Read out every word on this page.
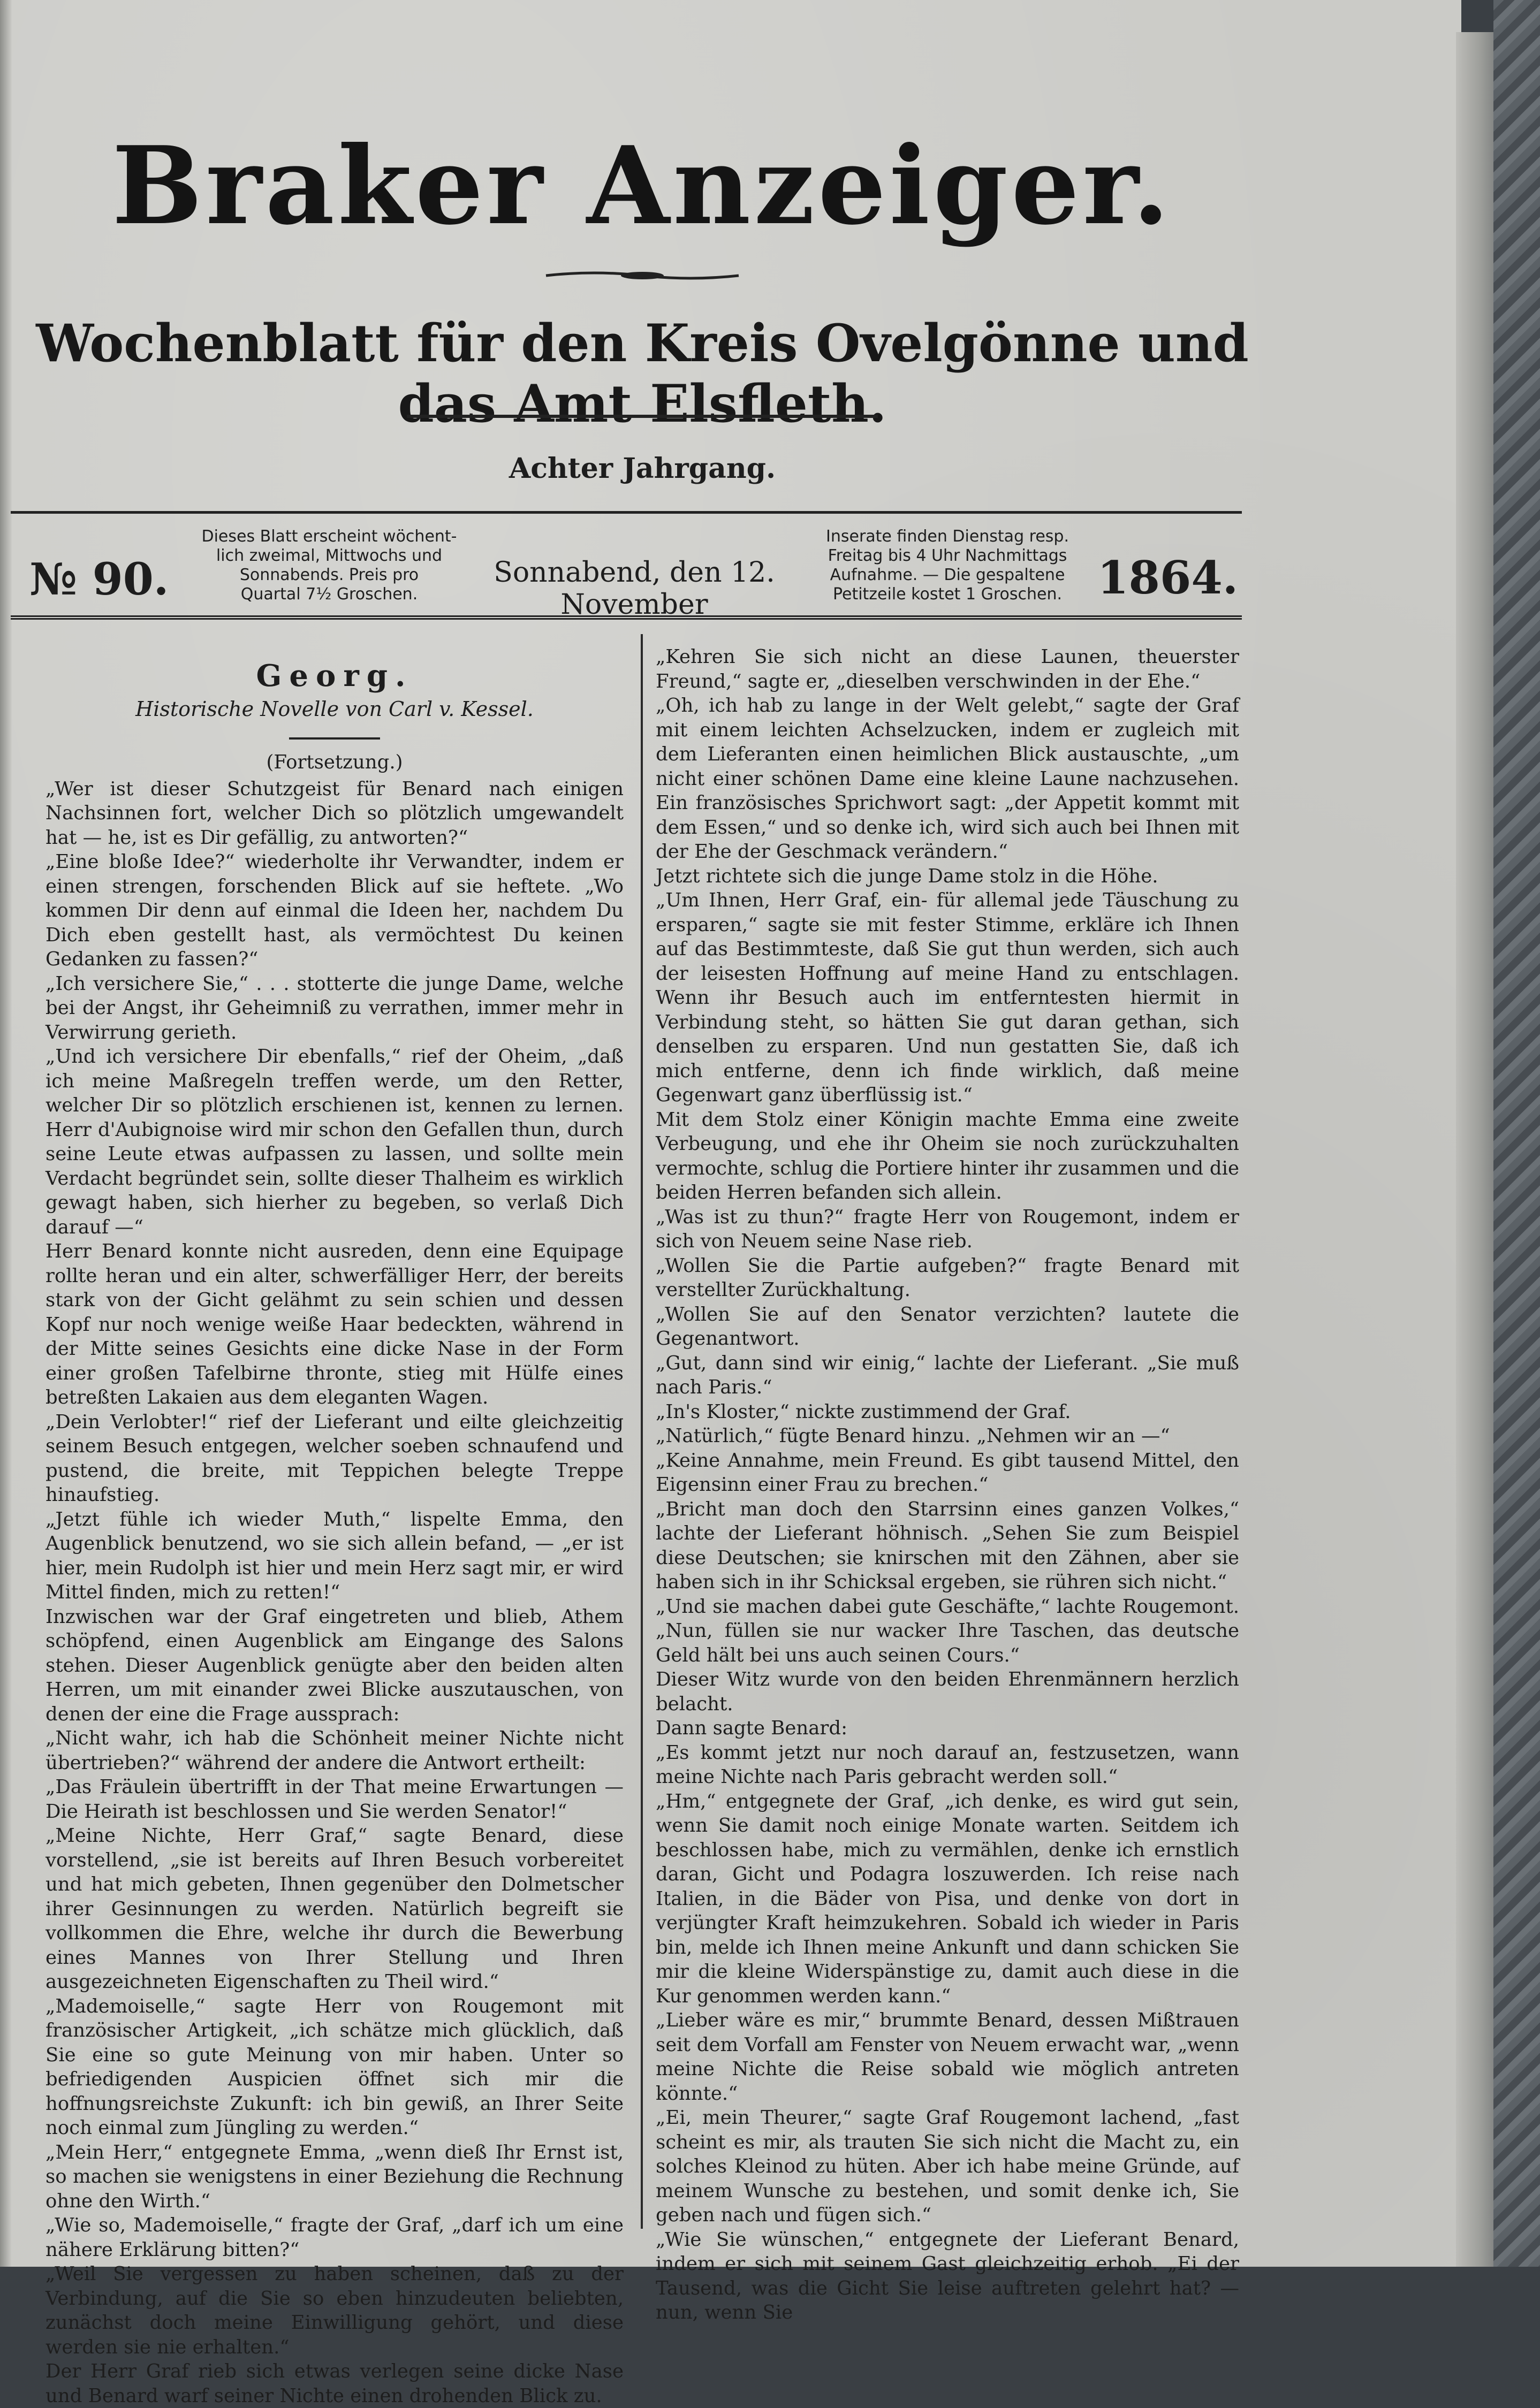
Braker Anzeiger.
Wochenblatt für den Kreis Ovelgönne und das Amt Elsfleth.
Achter Jahrgang.
№ 90.
Dieses Blatt erscheint wöchent-
lich zweimal, Mittwochs und
Sonnabends. Preis pro
Quartal 7½ Groschen.
Sonnabend, den 12. November
Inserate finden Dienstag resp.
Freitag bis 4 Uhr Nachmittags
Aufnahme. — Die gespaltene
Petitzeile kostet 1 Groschen. 1864.
Georg.
Historische Novelle von Carl v. Kessel.
(Fortsetzung.)

„Wer ist dieser Schutzgeist für Benard nach einigen Nachsinnen fort, welcher Dich so plötzlich umgewandelt hat — he, ist es Dir gefällig, zu antworten?“

„Eine bloße Idee?“ wiederholte ihr Verwandter, indem er einen strengen, forschenden Blick auf sie heftete. „Wo kommen Dir denn auf einmal die Ideen her, nachdem Du Dich eben gestellt hast, als vermöchtest Du keinen Gedanken zu fassen?“

„Ich versichere Sie,“ . . . stotterte die junge Dame, welche bei der Angst, ihr Geheimniß zu verrathen, immer mehr in Verwirrung gerieth.

„Und ich versichere Dir ebenfalls,“ rief der Oheim, „daß ich meine Maßregeln treffen werde, um den Retter, welcher Dir so plötzlich erschienen ist, kennen zu lernen. Herr d'Aubignoise wird mir schon den Gefallen thun, durch seine Leute etwas aufpassen zu lassen, und sollte mein Verdacht begründet sein, sollte dieser Thalheim es wirklich gewagt haben, sich hierher zu begeben, so verlaß Dich darauf —“

Herr Benard konnte nicht ausreden, denn eine Equipage rollte heran und ein alter, schwerfälliger Herr, der bereits stark von der Gicht gelähmt zu sein schien und dessen Kopf nur noch wenige weiße Haar bedeckten, während in der Mitte seines Gesichts eine dicke Nase in der Form einer großen Tafelbirne thronte, stieg mit Hülfe eines betreßten Lakaien aus dem eleganten Wagen.

„Dein Verlobter!“ rief der Lieferant und eilte gleichzeitig seinem Besuch entgegen, welcher soeben schnaufend und pustend, die breite, mit Teppichen belegte Treppe hinaufstieg.

„Jetzt fühle ich wieder Muth,“ lispelte Emma, den Augenblick benutzend, wo sie sich allein befand, — „er ist hier, mein Rudolph ist hier und mein Herz sagt mir, er wird Mittel finden, mich zu retten!“

Inzwischen war der Graf eingetreten und blieb, Athem schöpfend, einen Augenblick am Eingange des Salons stehen. Dieser Augenblick genügte aber den beiden alten Herren, um mit einander zwei Blicke auszutauschen, von denen der eine die Frage aussprach:

„Nicht wahr, ich hab die Schönheit meiner Nichte nicht übertrieben?“ während der andere die Antwort ertheilt:

„Das Fräulein übertrifft in der That meine Erwartungen — Die Heirath ist beschlossen und Sie werden Senator!“

„Meine Nichte, Herr Graf,“ sagte Benard, diese vorstellend, „sie ist bereits auf Ihren Besuch vorbereitet und hat mich gebeten, Ihnen gegenüber den Dolmetscher ihrer Gesinnungen zu werden. Natürlich begreift sie vollkommen die Ehre, welche ihr durch die Bewerbung eines Mannes von Ihrer Stellung und Ihren ausgezeichneten Eigenschaften zu Theil wird.“

„Mademoiselle,“ sagte Herr von Rougemont mit französischer Artigkeit, „ich schätze mich glücklich, daß Sie eine so gute Meinung von mir haben. Unter so befriedigenden Auspicien öffnet sich mir die hoffnungsreichste Zukunft: ich bin gewiß, an Ihrer Seite noch einmal zum Jüngling zu werden.“

„Mein Herr,“ entgegnete Emma, „wenn dieß Ihr Ernst ist, so machen sie wenigstens in einer Beziehung die Rechnung ohne den Wirth.“

„Wie so, Mademoiselle,“ fragte der Graf, „darf ich um eine nähere Erklärung bitten?“

„Weil Sie vergessen zu haben scheinen, daß zu der Verbindung, auf die Sie so eben hinzudeuten beliebten, zunächst doch meine Einwilligung gehört, und diese werden sie nie erhalten.“

Der Herr Graf rieb sich etwas verlegen seine dicke Nase und Benard warf seiner Nichte einen drohenden Blick zu.

„Kehren Sie sich nicht an diese Launen, theuerster Freund,“ sagte er, „dieselben verschwinden in der Ehe.“

„Oh, ich hab zu lange in der Welt gelebt,“ sagte der Graf mit einem leichten Achselzucken, indem er zugleich mit dem Lieferanten einen heimlichen Blick austauschte, „um nicht einer schönen Dame eine kleine Laune nachzusehen. Ein französisches Sprichwort sagt: „der Appetit kommt mit dem Essen,“ und so denke ich, wird sich auch bei Ihnen mit der Ehe der Geschmack verändern.“

Jetzt richtete sich die junge Dame stolz in die Höhe.

„Um Ihnen, Herr Graf, ein- für allemal jede Täuschung zu ersparen,“ sagte sie mit fester Stimme, erkläre ich Ihnen auf das Bestimmteste, daß Sie gut thun werden, sich auch der leisesten Hoffnung auf meine Hand zu entschlagen. Wenn ihr Besuch auch im entferntesten hiermit in Verbindung steht, so hätten Sie gut daran gethan, sich denselben zu ersparen. Und nun gestatten Sie, daß ich mich entferne, denn ich finde wirklich, daß meine Gegenwart ganz überflüssig ist.“

Mit dem Stolz einer Königin machte Emma eine zweite Verbeugung, und ehe ihr Oheim sie noch zurückzuhalten vermochte, schlug die Portiere hinter ihr zusammen und die beiden Herren befanden sich allein.

„Was ist zu thun?“ fragte Herr von Rougemont, indem er sich von Neuem seine Nase rieb.

„Wollen Sie die Partie aufgeben?“ fragte Benard mit verstellter Zurückhaltung.

„Wollen Sie auf den Senator verzichten? lautete die Gegenantwort.

„Gut, dann sind wir einig,“ lachte der Lieferant. „Sie muß nach Paris.“

„In's Kloster,“ nickte zustimmend der Graf.

„Natürlich,“ fügte Benard hinzu. „Nehmen wir an —“

„Keine Annahme, mein Freund. Es gibt tausend Mittel, den Eigensinn einer Frau zu brechen.“

„Bricht man doch den Starrsinn eines ganzen Volkes,“ lachte der Lieferant höhnisch. „Sehen Sie zum Beispiel diese Deutschen; sie knirschen mit den Zähnen, aber sie haben sich in ihr Schicksal ergeben, sie rühren sich nicht.“

„Und sie machen dabei gute Geschäfte,“ lachte Rougemont. „Nun, füllen sie nur wacker Ihre Taschen, das deutsche Geld hält bei uns auch seinen Cours.“

Dieser Witz wurde von den beiden Ehrenmännern herzlich belacht.

Dann sagte Benard:

„Es kommt jetzt nur noch darauf an, festzusetzen, wann meine Nichte nach Paris gebracht werden soll.“

„Hm,“ entgegnete der Graf, „ich denke, es wird gut sein, wenn Sie damit noch einige Monate warten. Seitdem ich beschlossen habe, mich zu vermählen, denke ich ernstlich daran, Gicht und Podagra loszuwerden. Ich reise nach Italien, in die Bäder von Pisa, und denke von dort in verjüngter Kraft heimzukehren. Sobald ich wieder in Paris bin, melde ich Ihnen meine Ankunft und dann schicken Sie mir die kleine Widerspänstige zu, damit auch diese in die Kur genommen werden kann.“

„Lieber wäre es mir,“ brummte Benard, dessen Mißtrauen seit dem Vorfall am Fenster von Neuem erwacht war, „wenn meine Nichte die Reise sobald wie möglich antreten könnte.“

„Ei, mein Theurer,“ sagte Graf Rougemont lachend, „fast scheint es mir, als trauten Sie sich nicht die Macht zu, ein solches Kleinod zu hüten. Aber ich habe meine Gründe, auf meinem Wunsche zu bestehen, und somit denke ich, Sie geben nach und fügen sich.“

„Wie Sie wünschen,“ entgegnete der Lieferant Benard, indem er sich mit seinem Gast gleichzeitig erhob. „Ei der Tausend, was die Gicht Sie leise auftreten gelehrt hat? — nun, wenn Sie
